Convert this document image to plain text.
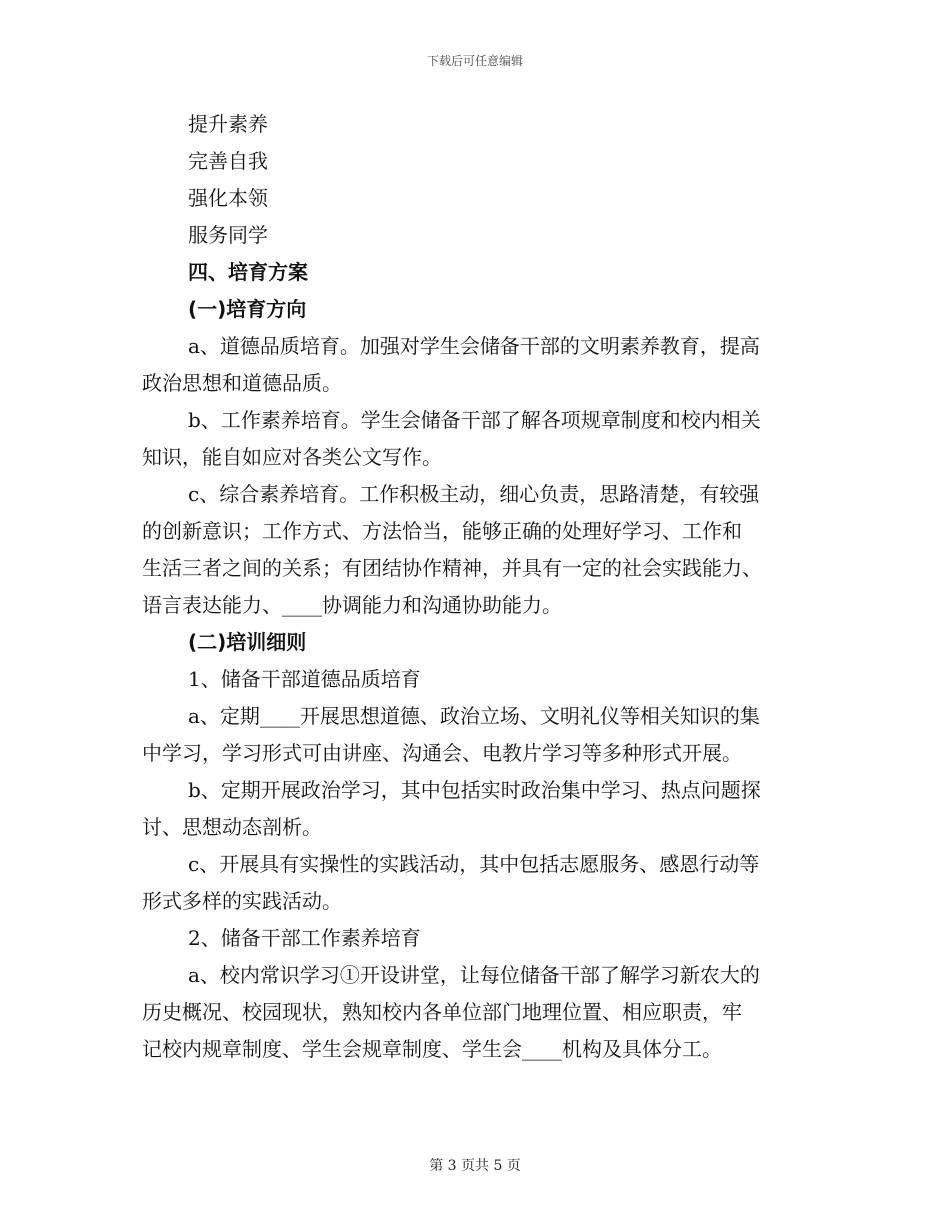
下载后可任意编辑
提升素养
完善自我
强化本领
服务同学
四、培育方案
(一)培育方向
a、道德品质培育。加强对学生会储备干部的文明素养教育，提高
政治思想和道德品质。
b、工作素养培育。学生会储备干部了解各项规章制度和校内相关
知识，能自如应对各类公文写作。
c、综合素养培育。工作积极主动，细心负责，思路清楚，有较强
的创新意识；工作方式、方法恰当，能够正确的处理好学习、工作和
生活三者之间的关系；有团结协作精神，并具有一定的社会实践能力、
语言表达能力、____协调能力和沟通协助能力。
(二)培训细则
1、储备干部道德品质培育
a、定期____开展思想道德、政治立场、文明礼仪等相关知识的集
中学习，学习形式可由讲座、沟通会、电教片学习等多种形式开展。
b、定期开展政治学习，其中包括实时政治集中学习、热点问题探
讨、思想动态剖析。
c、开展具有实操性的实践活动，其中包括志愿服务、感恩行动等
形式多样的实践活动。
2、储备干部工作素养培育
a、校内常识学习①开设讲堂，让每位储备干部了解学习新农大的
历史概况、校园现状，熟知校内各单位部门地理位置、相应职责，牢
记校内规章制度、学生会规章制度、学生会____机构及具体分工。
第 3 页共 5 页
